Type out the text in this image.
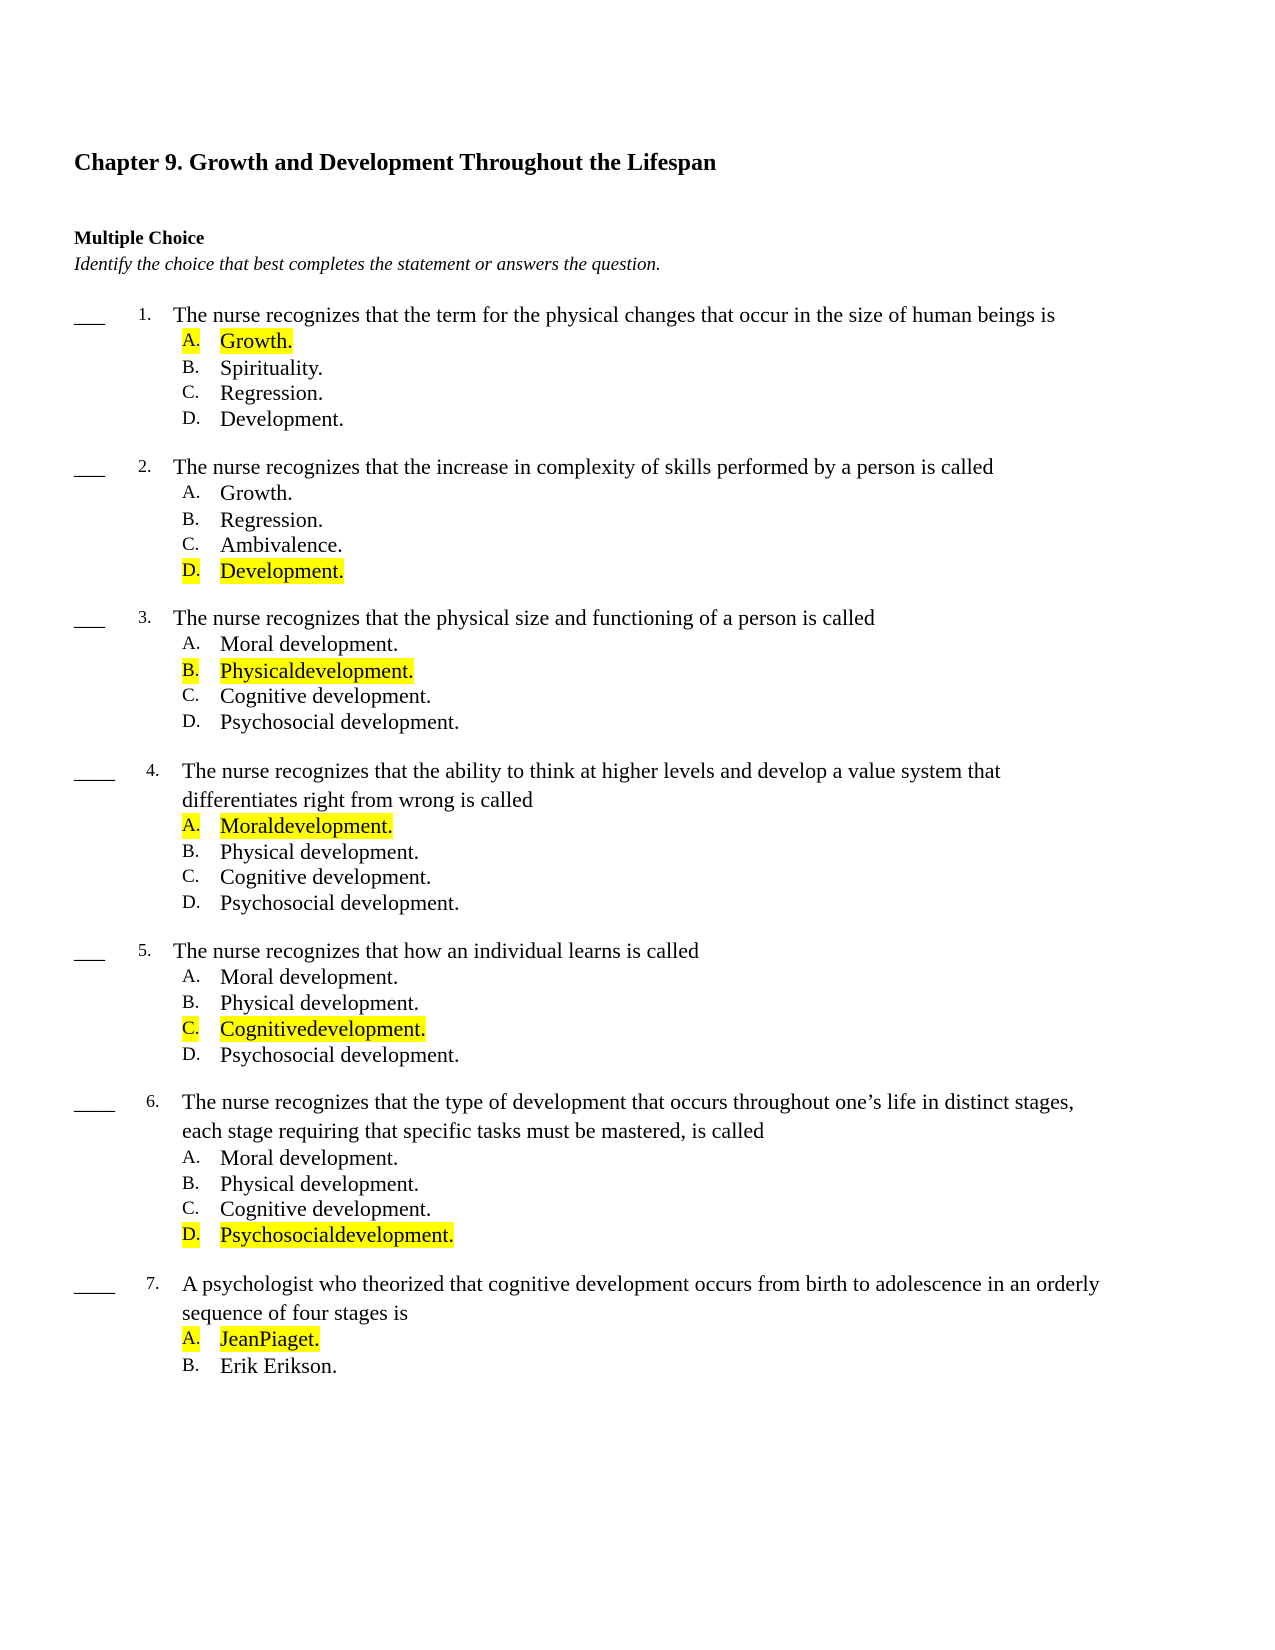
Chapter 9. Growth and Development Throughout the Lifespan
Multiple Choice
Identify the choice that best completes the statement or answers the question.
___ 1. The nurse recognizes that the term for the physical changes that occur in the size of human beings is
A. Growth.
B. Spirituality.
C. Regression.
D. Development.
___ 2. The nurse recognizes that the increase in complexity of skills performed by a person is called
A. Growth.
B. Regression.
C. Ambivalence.
D. Development.
___ 3. The nurse recognizes that the physical size and functioning of a person is called
A. Moral development.
B. Physicaldevelopment.
C. Cognitive development.
D. Psychosocial development.
____ 4. The nurse recognizes that the ability to think at higher levels and develop a value system that differentiates right from wrong is called
A. Moraldevelopment.
B. Physical development.
C. Cognitive development.
D. Psychosocial development.
___ 5. The nurse recognizes that how an individual learns is called
A. Moral development.
B. Physical development.
C. Cognitivedevelopment.
D. Psychosocial development.
____ 6. The nurse recognizes that the type of development that occurs throughout one’s life in distinct stages, each stage requiring that specific tasks must be mastered, is called
A. Moral development.
B. Physical development.
C. Cognitive development.
D. Psychosocialdevelopment.
____ 7. A psychologist who theorized that cognitive development occurs from birth to adolescence in an orderly sequence of four stages is
A. JeanPiaget.
B. Erik Erikson.
